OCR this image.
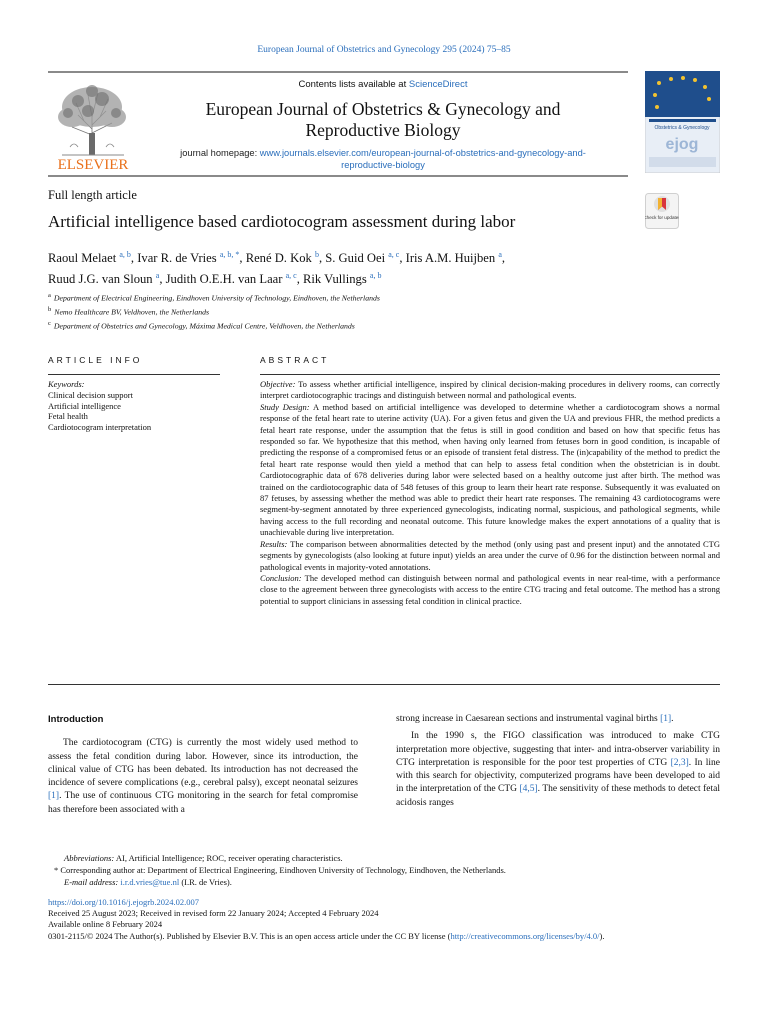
European Journal of Obstetrics and Gynecology 295 (2024) 75–85
ELSEVIER
Contents lists available at ScienceDirect
European Journal of Obstetrics & Gynecology and
Reproductive Biology
journal homepage: www.journals.elsevier.com/european-journal-of-obstetrics-and-gynecology-and-
reproductive-biology
Obstetrics & Gynecology
ejog
Full length article
Artificial intelligence based cardiotocogram assessment during labor	Check for updates
Raoul Melaet $^{a, b}$, Ivar R. de Vries $^{a, b, *}$, René D. Kok $^b$, S. Guid Oei $^{a, c}$, Iris A.M. Huijben $^a$,
Ruud J.G. van Sloun $^a$, Judith O.E.H. van Laar $^{a, c}$, Rik Vullings $^{a, b}$
$^a$ Department of Electrical Engineering, Eindhoven University of Technology, Eindhoven, the Netherlands
$^b$ Nemo Healthcare BV, Veldhoven, the Netherlands
$^c$ Department of Obstetrics and Gynecology, Máxima Medical Centre, Veldhoven, the Netherlands
ARTICLE INFO	ABSTRACT
Keywords:
Clinical decision support
Artificial intelligence
Fetal health
Cardiotocogram interpretation

Objective: To assess whether artificial intelligence, inspired by clinical decision-making procedures in delivery rooms, can correctly interpret cardiotocographic tracings and distinguish between normal and pathological events.

Study Design: A method based on artificial intelligence was developed to determine whether a cardiotocogram shows a normal response of the fetal heart rate to uterine activity (UA). For a given fetus and given the UA and previous FHR, the method predicts a fetal heart rate response, under the assumption that the fetus is still in good condition and based on how that specific fetus has responded so far. We hypothesize that this method, when having only learned from fetuses born in good condition, is incapable of predicting the response of a compromised fetus or an episode of transient fetal distress. The (in)capability of the method to predict the fetal heart rate response would then yield a method that can help to assess fetal condition when the obstetrician is in doubt. Cardiotocographic data of 678 deliveries during labor were selected based on a healthy outcome just after birth. The method was trained on the cardiotocographic data of 548 fetuses of this group to learn their heart rate response. Subsequently it was evaluated on 87 fetuses, by assessing whether the method was able to predict their heart rate responses. The remaining 43 cardiotocograms were segment-by-segment annotated by three experienced gynecologists, indicating normal, suspicious, and pathological segments, while having access to the full recording and neonatal outcome. This future knowledge makes the expert annotations of a quality that is unachievable during live interpretation.

Results: The comparison between abnormalities detected by the method (only using past and present input) and the annotated CTG segments by gynecologists (also looking at future input) yields an area under the curve of 0.96 for the distinction between normal and pathological events in majority-voted annotations.

Conclusion: The developed method can distinguish between normal and pathological events in near real-time, with a performance close to the agreement between three gynecologists with access to the entire CTG tracing and fetal outcome. The method has a strong potential to support clinicians in assessing fetal condition in clinical practice.

Introduction

The cardiotocogram (CTG) is currently the most widely used method to assess the fetal condition during labor. However, since its introduction, the clinical value of CTG has been debated. Its introduction has not decreased the incidence of severe complications (e.g., cerebral palsy), except neonatal seizures [1]. The use of continuous CTG monitoring in the search for fetal compromise has therefore been associated with a

strong increase in Caesarean sections and instrumental vaginal births [1].

In the 1990 s, the FIGO classification was introduced to make CTG interpretation more objective, suggesting that inter- and intra-observer variability in CTG interpretation is responsible for the poor test properties of CTG [2,3]. In line with this search for objectivity, computerized programs have been developed to aid in the interpretation of the CTG [4,5]. The sensitivity of these methods to detect fetal acidosis ranges

Abbreviations: AI, Artificial Intelligence; ROC, receiver operating characteristics.
* Corresponding author at: Department of Electrical Engineering, Eindhoven University of Technology, Eindhoven, the Netherlands.
E-mail address: i.r.d.vries@tue.nl (I.R. de Vries).
https://doi.org/10.1016/j.ejogrb.2024.02.007
Received 25 August 2023; Received in revised form 22 January 2024; Accepted 4 February 2024
Available online 8 February 2024
0301-2115/© 2024 The Author(s). Published by Elsevier B.V. This is an open access article under the CC BY license (http://creativecommons.org/licenses/by/4.0/).
